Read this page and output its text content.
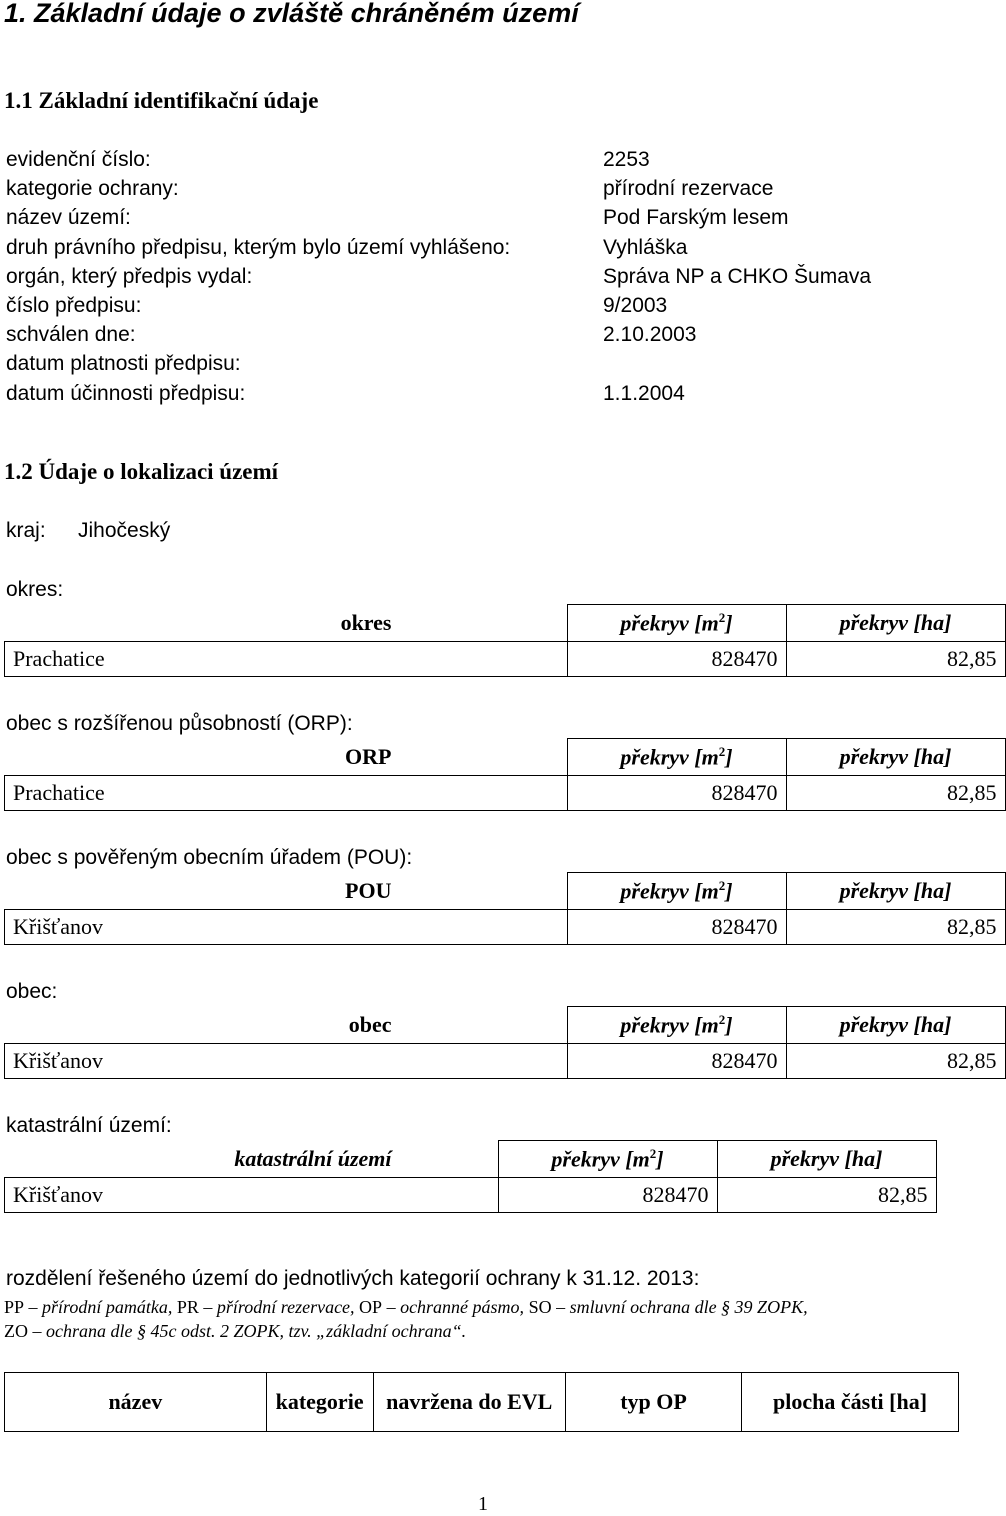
1. Základní údaje o zvláště chráněném území
1.1 Základní identifikační údaje
evidenční číslo:	2253
kategorie ochrany:	přírodní rezervace
název území:	Pod Farským lesem
druh právního předpisu, kterým bylo území vyhlášeno:	Vyhláška
orgán, který předpis vydal:	Správa NP a CHKO Šumava
číslo předpisu:	9/2003
schválen dne:	2.10.2003
datum platnosti předpisu:
datum účinnosti předpisu:	1.1.2004
1.2 Údaje o lokalizaci území
kraj: Jihočeský
okres:
okres	překryv $[m^2]$	překryv [ha]
Prachatice	828470	82,85
obec s rozšířenou působností (ORP):
ORP	překryv $[m^2]$	překryv [ha]
Prachatice	828470	82,85
obec s pověřeným obecním úřadem (POU):
POU	překryv $[m^2]$	překryv [ha]
Křišťanov	828470	82,85
obec:
obec	překryv $[m^2]$	překryv [ha]
Křišťanov	828470	82,85
katastrální území:
katastrální území	překryv $[m^2]$	překryv [ha]
Křišťanov	828470	82,85
rozdělení řešeného území do jednotlivých kategorií ochrany k 31.12. 2013:
PP – přírodní památka, PR – přírodní rezervace, OP – ochranné pásmo, SO – smluvní ochrana dle § 39 ZOPK,
ZO – ochrana dle § 45c odst. 2 ZOPK, tzv. „základní ochrana“.
název	kategorie	navržena do EVL	typ OP	plocha části [ha]
1
